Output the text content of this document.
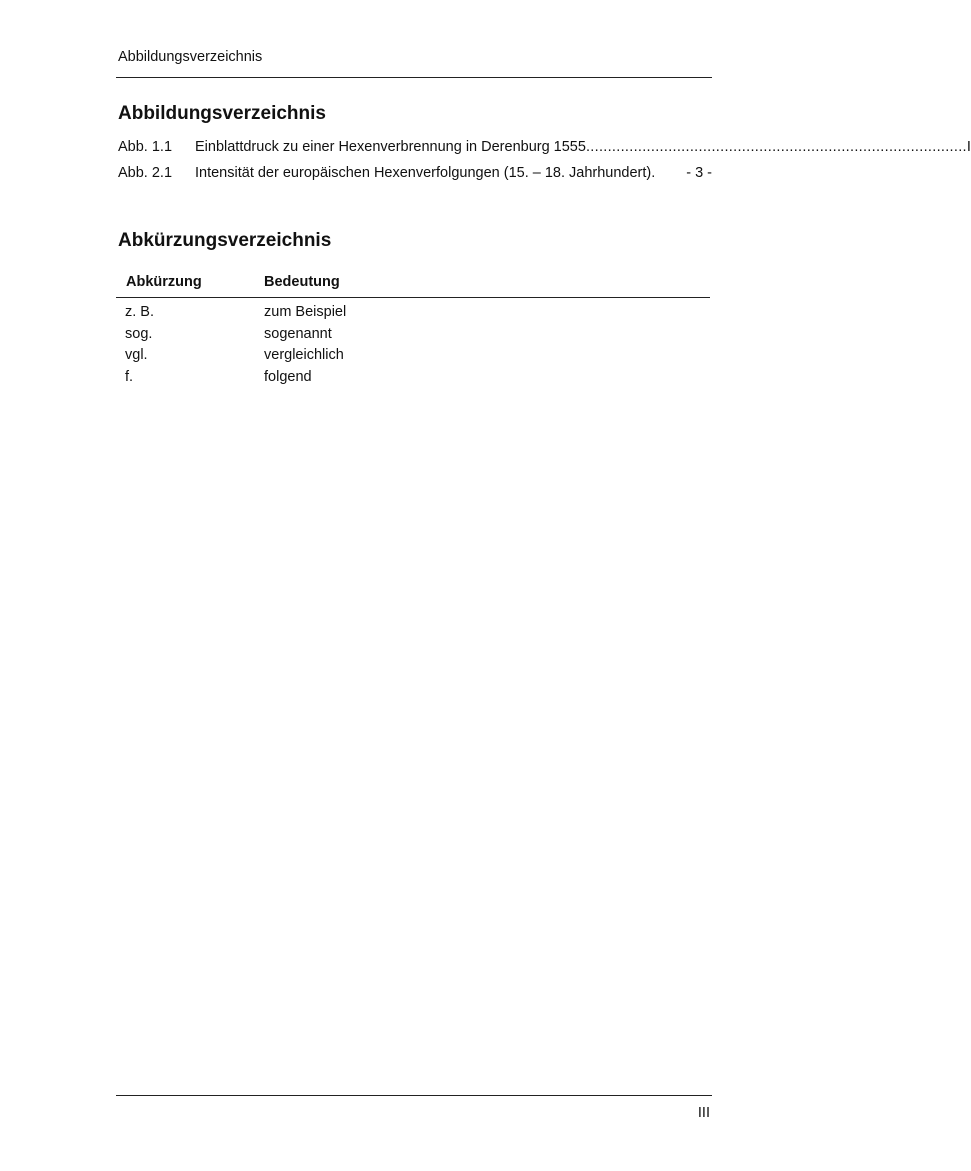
Abbildungsverzeichnis
Abbildungsverzeichnis
Abb. 1.1	Einblattdruck zu einer Hexenverbrennung in Derenburg 1555 ........................................................................................ I
Abb. 2.1	Intensität der europäischen Hexenverfolgungen (15. – 18. Jahrhundert). - 3 -
Abkürzungsverzeichnis
Abkürzung	Bedeutung
z. B.	zum Beispiel
sog.	sogenannt
vgl.	vergleichlich
f.	folgend
III
